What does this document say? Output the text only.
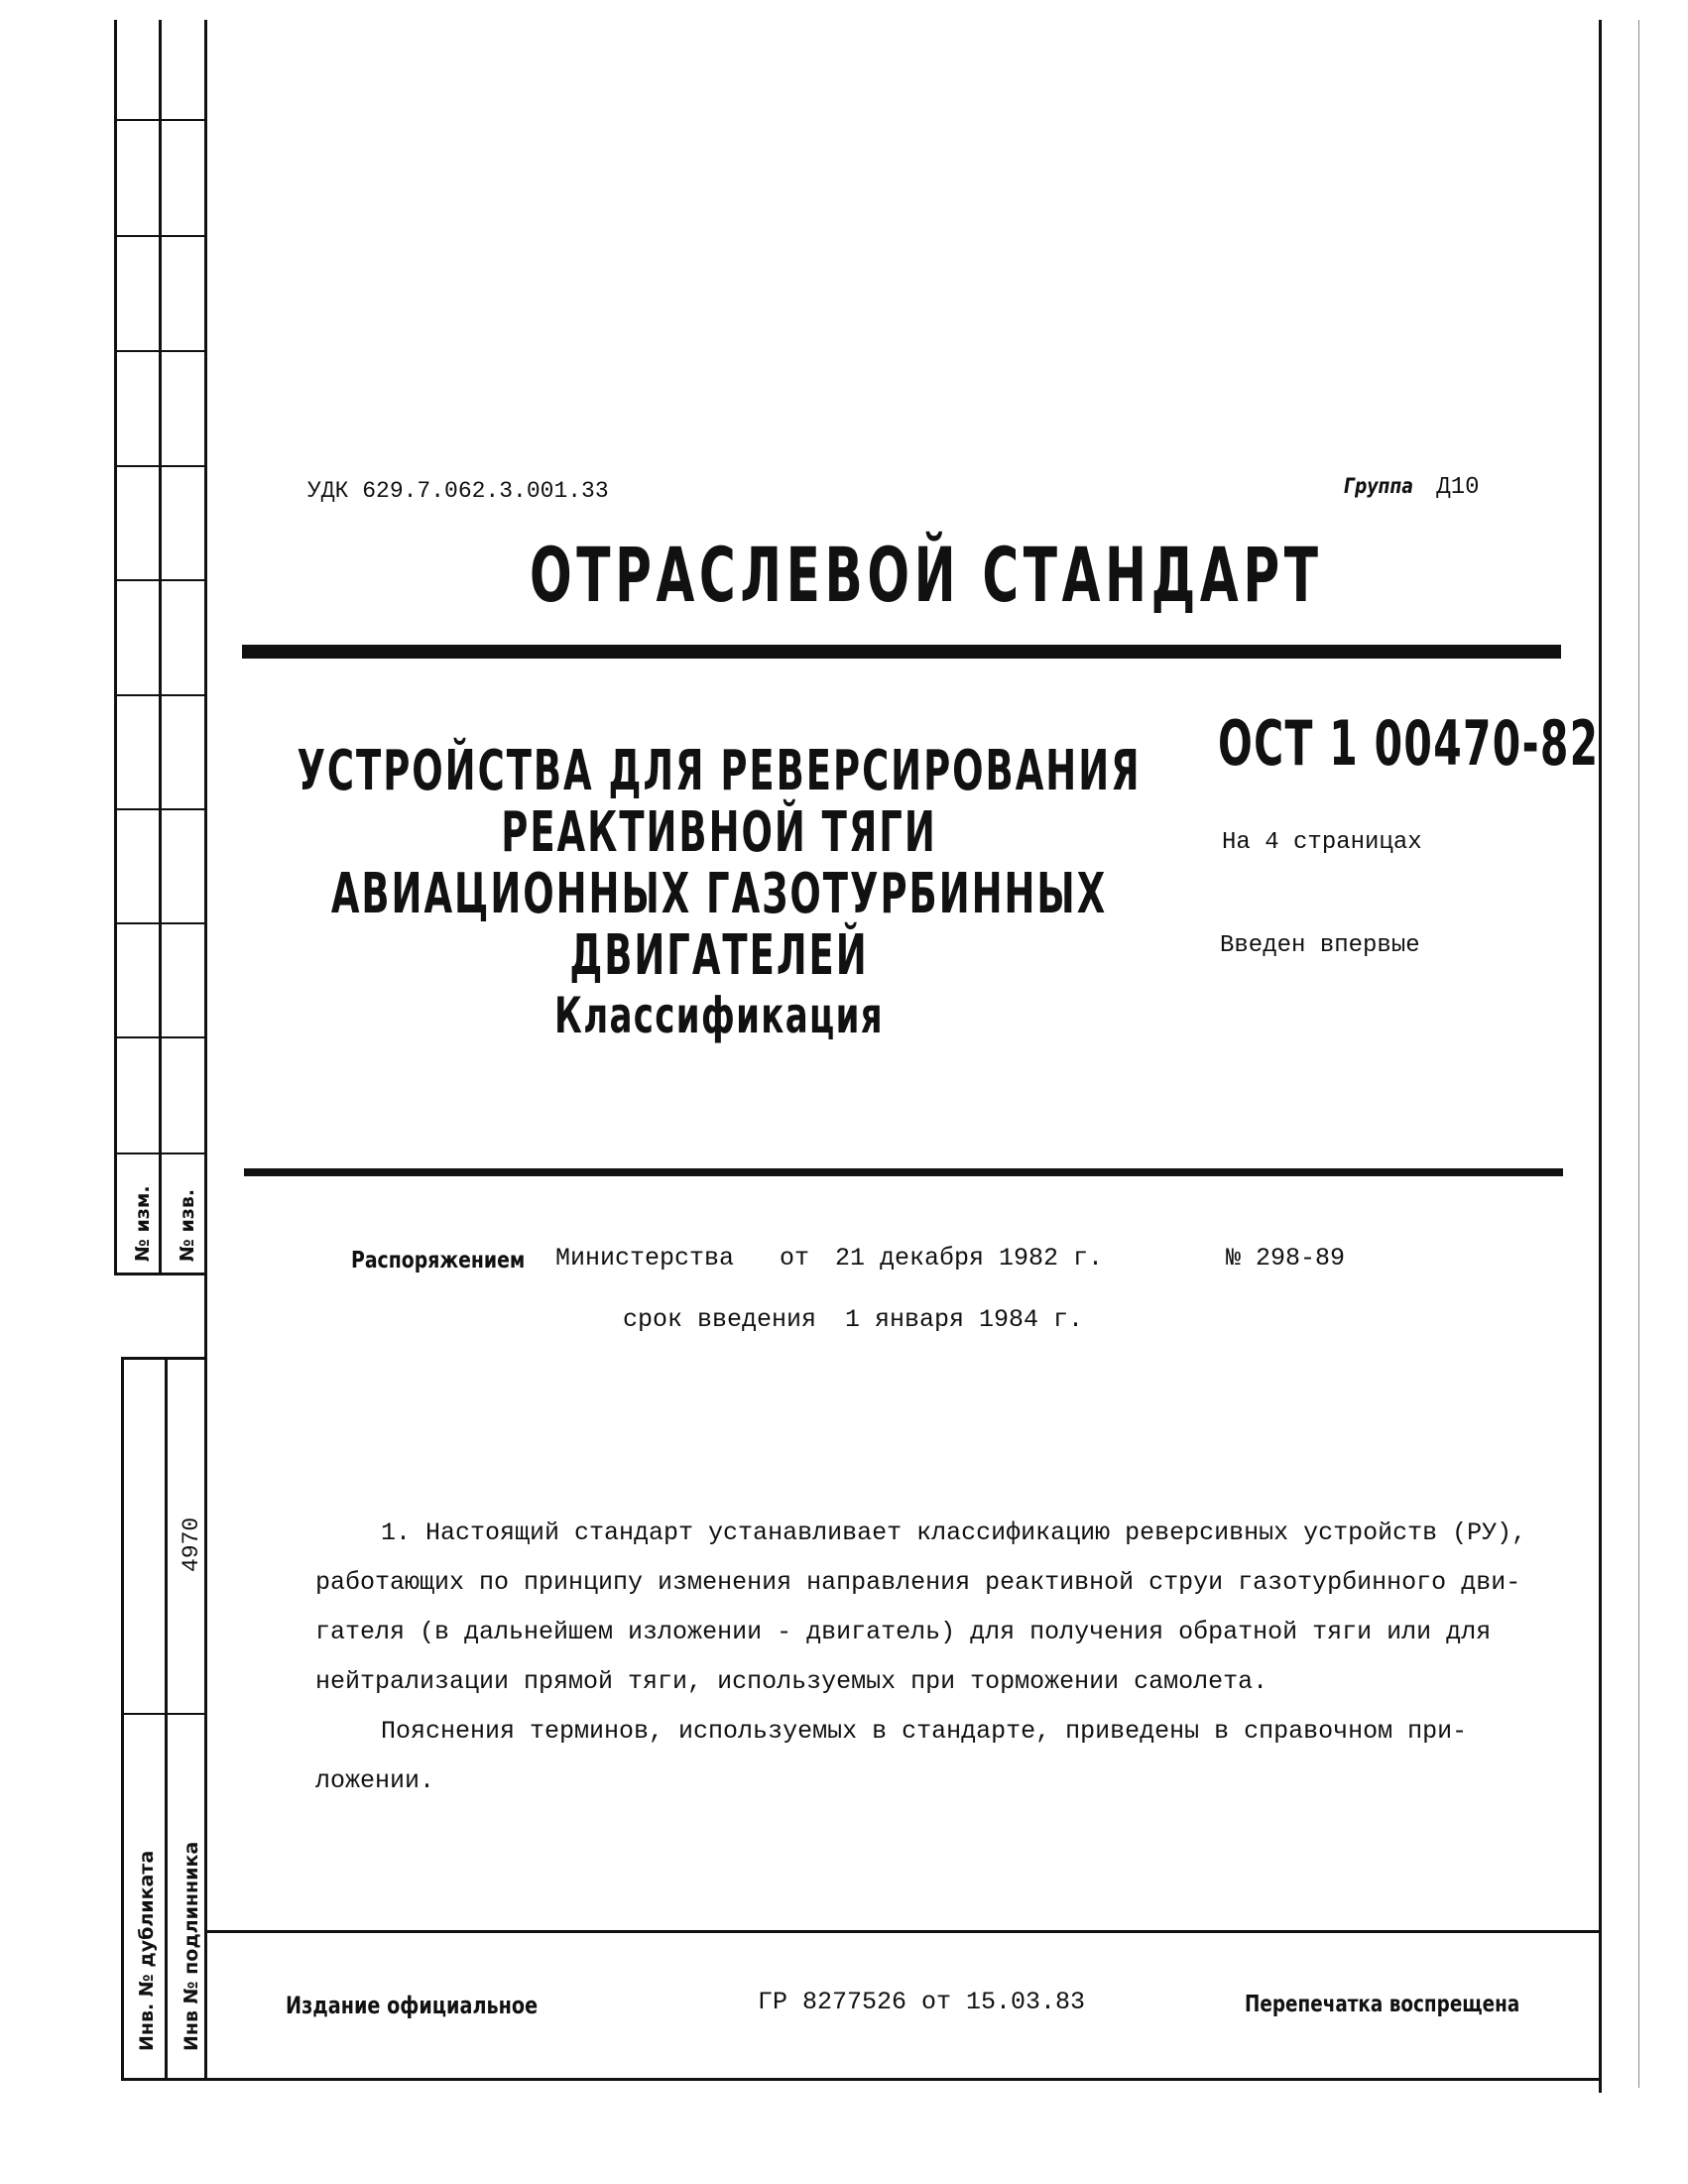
№ изм. № изв.
4970
Инв. № дубликата Инв № подлинника
УДК 629.7.062.3.001.33	Группа Д10
ОТРАСЛЕВОЙ СТАНДАРТ
УСТРОЙСТВА ДЛЯ РЕВЕРСИРОВАНИЯ
РЕАКТИВНОЙ ТЯГИ
АВИАЦИОННЫХ ГАЗОТУРБИННЫХ
ДВИГАТЕЛЕЙ
Классификация
ОСТ 1 00470-82
На 4 страницах
Введен впервые
Распоряжением Министерства от 21 декабря 1982 г.	№ 298-89
срок введения 1 января 1984 г.
1. Настоящий стандарт устанавливает классификацию реверсивных устройств (РУ),
работающих по принципу изменения направления реактивной струи газотурбинного дви-
гателя (в дальнейшем изложении - двигатель) для получения обратной тяги или для
нейтрализации прямой тяги, используемых при торможении самолета.
Пояснения терминов, используемых в стандарте, приведены в справочном при-
ложении.
Издание официальное	ГР 8277526 от 15.03.83	Перепечатка воспрещена
